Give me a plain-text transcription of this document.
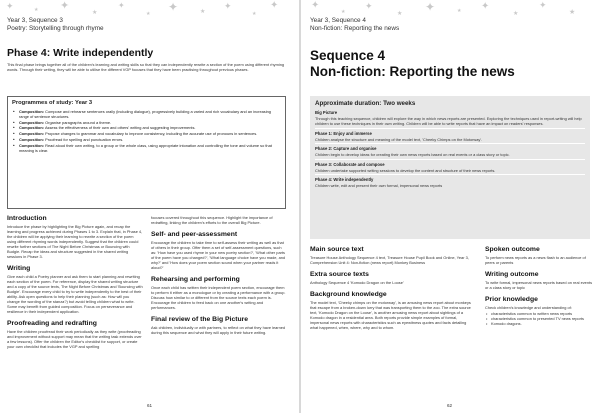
✦	★ ✦
★
✦
★ ✦	★
✦
★
✦
Year 3, Sequence 3
Poetry: Storytelling through rhyme
Phase 4: Write independently
This final phase brings together all of the children's learning and writing skills so that they can independently rewrite a section of the poem using different rhyming words. Through their writing, they will be able to utilise the different VGP focuses that they have been practising throughout previous phases.
Programmes of study: Year 3
• Composition: Compose and rehearse sentences orally (including dialogue), progressively building a varied and rich vocabulary and an increasing range of sentence structures.
• Composition: Organise paragraphs around a theme.
• Composition: Assess the effectiveness of their own and others' writing and suggesting improvements.
• Composition: Propose changes to grammar and vocabulary to improve consistency, including the accurate use of pronouns in sentences.
• Composition: Proofread for spelling and punctuation errors.
• Composition: Read aloud their own writing, to a group or the whole class, using appropriate intonation and controlling the tone and volume so that meaning is clear.
Introduction
Introduce the phase by highlighting the Big Picture again, and recap the learning and progress achieved during Phases 1 to 3. Explain that, in Phase 4, the children will be applying their learning to rewrite a section of the poem using different rhyming words independently. Suggest that the children could rewrite further sections of The Night Before Christmas or Bouncing with Budgie. Recap the ideas and structure suggested in the shared writing sessions in Phase 3.
Writing
Give each child a Poetry planner and ask them to start planning and rewriting each section of the poem. For reference, display the shared writing structure and a copy of the source texts, The Night Before Christmas and 'Bouncing with Budgie'. Encourage every child to try to write independently to the best of their ability. Ask open questions to help their planning (such as: How will you change the wording of the stanza?) but avoid telling children what to write. Some may benefit from guided composition. Focus on perseverance and resilience in their independent application.
Proofreading and redrafting
Have the children proofread their work periodically as they write (proofreading and improvement without support may mean that the writing task extends over a few lessons). Offer the children the Editor's checklist for support, or create your own checklist that includes the VGP and spelling
focuses covered throughout this sequence. Highlight the importance of redrafting, linking the children's efforts to the overall Big Picture.
Self- and peer-assessment
Encourage the children to take time to self-assess their writing as well as that of others in their group. Offer them a set of self-assessment questions, such as: 'How have you used rhyme in your new poetry section?', 'What other parts of the poem have you changed?', 'What language choice have you made, and why?' and 'How does your poem section sound when your partner reads it aloud?'
Rehearsing and performing
Once each child has written their independent poem section, encourage them to perform it either as a monologue or by creating a performance with a group. Discuss how similar to or different from the source texts each poem is. Encourage the children to feed back on one another's writing and performances.
Final review of the Big Picture
Ask children, individually or with partners, to reflect on what they have learned during this sequence and what they will apply in their future writing.
61
✦
★
✦
★ ✦	★ ✦
★
✦
★
Year 3, Sequence 4
Non-fiction: Reporting the news
Sequence 4
Non-fiction: Reporting the news
Approximate duration: Two weeks
Big Picture
Through this teaching sequence, children will explore the way in which news reports are presented. Exploring the techniques used in report-writing will help children to use these techniques in their own writing. Children will be able to write reports that have an impact on readers' responses.
Phase 1: Enjoy and immerse
Children analyse the structure and meaning of the model text, 'Cheeky Chimps on the Motorway'.
Phase 2: Capture and organise
Children begin to develop ideas for creating their own news reports based on real events or a class story or topic.
Phase 3: Collaborate and compose
Children undertake supported writing sessions to develop the content and structure of their news reports.
Phase 4: Write independently
Children write, edit and present their own formal, impersonal news reports
Main source text
Treasure House Anthology Sequence 4 text, Treasure House Pupil Book and Online, Year 3, Comprehension Unit 4: Non-fiction (news report) Monkey Business
Extra source texts
Anthology Sequence 4 'Komodo Dragon on the Loose'
Background knowledge
The model text, 'Cheeky chimps on the motorway', is an amusing news report about monkeys that escape from a broken-down lorry that was transporting them to the zoo. The extra source text, 'Komodo Dragon on the Loose', is another amusing news report about sightings of a Komodo dragon in a residential area. Both reports provide simple examples of formal, impersonal news reports with characteristics such as eyewitness quotes and facts detailing what happened, when, where, why and to whom.
Spoken outcome
To perform news reports as a news flash to an audience of peers or parents
Writing outcome
To write formal, impersonal news reports based on real events or a class story or topic
Prior knowledge
Check children's knowledge and understanding of:
• characteristics common to written news reports
• characteristics common to presented TV news reports
• Komodo dragons.
62
